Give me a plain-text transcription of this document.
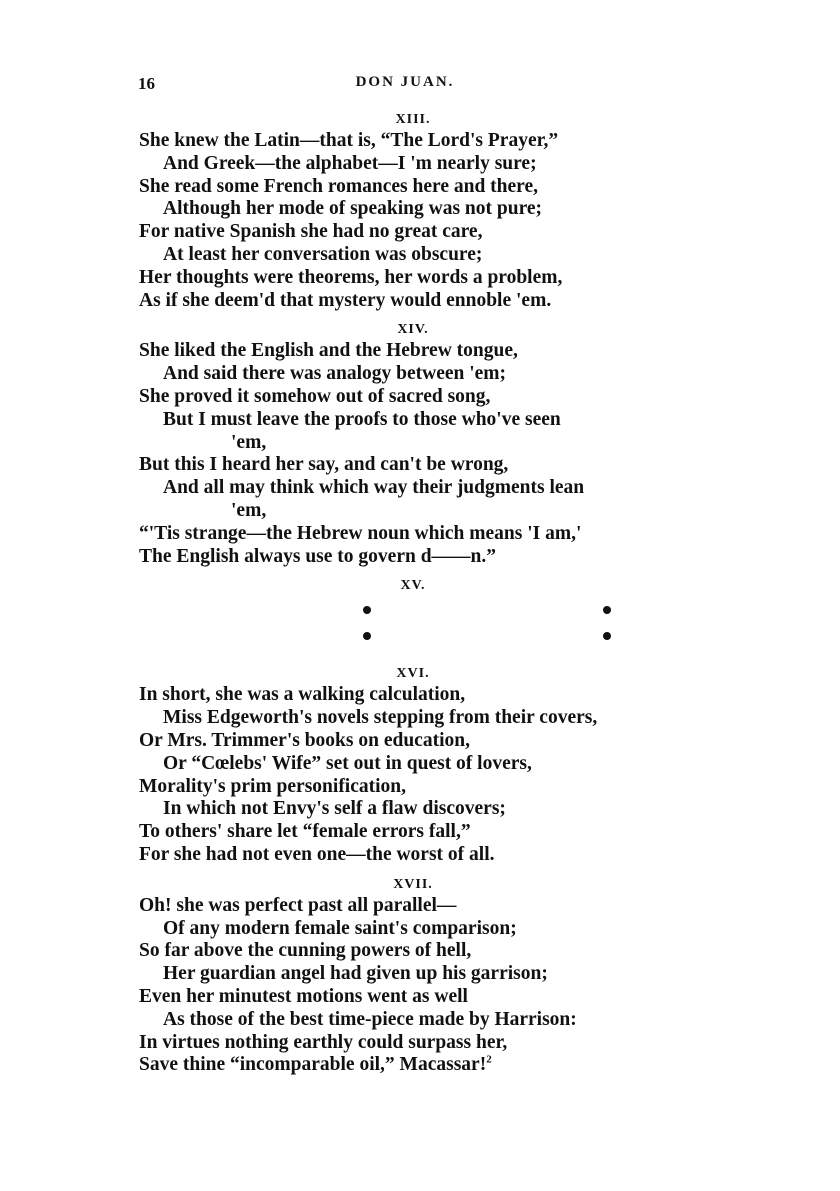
16	DON JUAN.
XIII.
She knew the Latin—that is, “The Lord's Prayer,”
And Greek—the alphabet—I 'm nearly sure;
She read some French romances here and there,
Although her mode of speaking was not pure;
For native Spanish she had no great care,
At least her conversation was obscure;
Her thoughts were theorems, her words a problem,
As if she deem'd that mystery would ennoble 'em.
XIV.
She liked the English and the Hebrew tongue,
And said there was analogy between 'em;
She proved it somehow out of sacred song,
But I must leave the proofs to those who've seen
'em,
But this I heard her say, and can't be wrong,
And all may think which way their judgments lean
'em,
“'Tis strange—the Hebrew noun which means 'I am,'
The English always use to govern d——n.”
XV.
XVI.
In short, she was a walking calculation,
Miss Edgeworth's novels stepping from their covers,
Or Mrs. Trimmer's books on education,
Or “Cœlebs' Wife” set out in quest of lovers,
Morality's prim personification,
In which not Envy's self a flaw discovers;
To others' share let “female errors fall,”
For she had not even one—the worst of all.
XVII.
Oh! she was perfect past all parallel—
Of any modern female saint's comparison;
So far above the cunning powers of hell,
Her guardian angel had given up his garrison;
Even her minutest motions went as well
As those of the best time-piece made by Harrison:
In virtues nothing earthly could surpass her,
Save thine “incomparable oil,” Macassar!$^2$
